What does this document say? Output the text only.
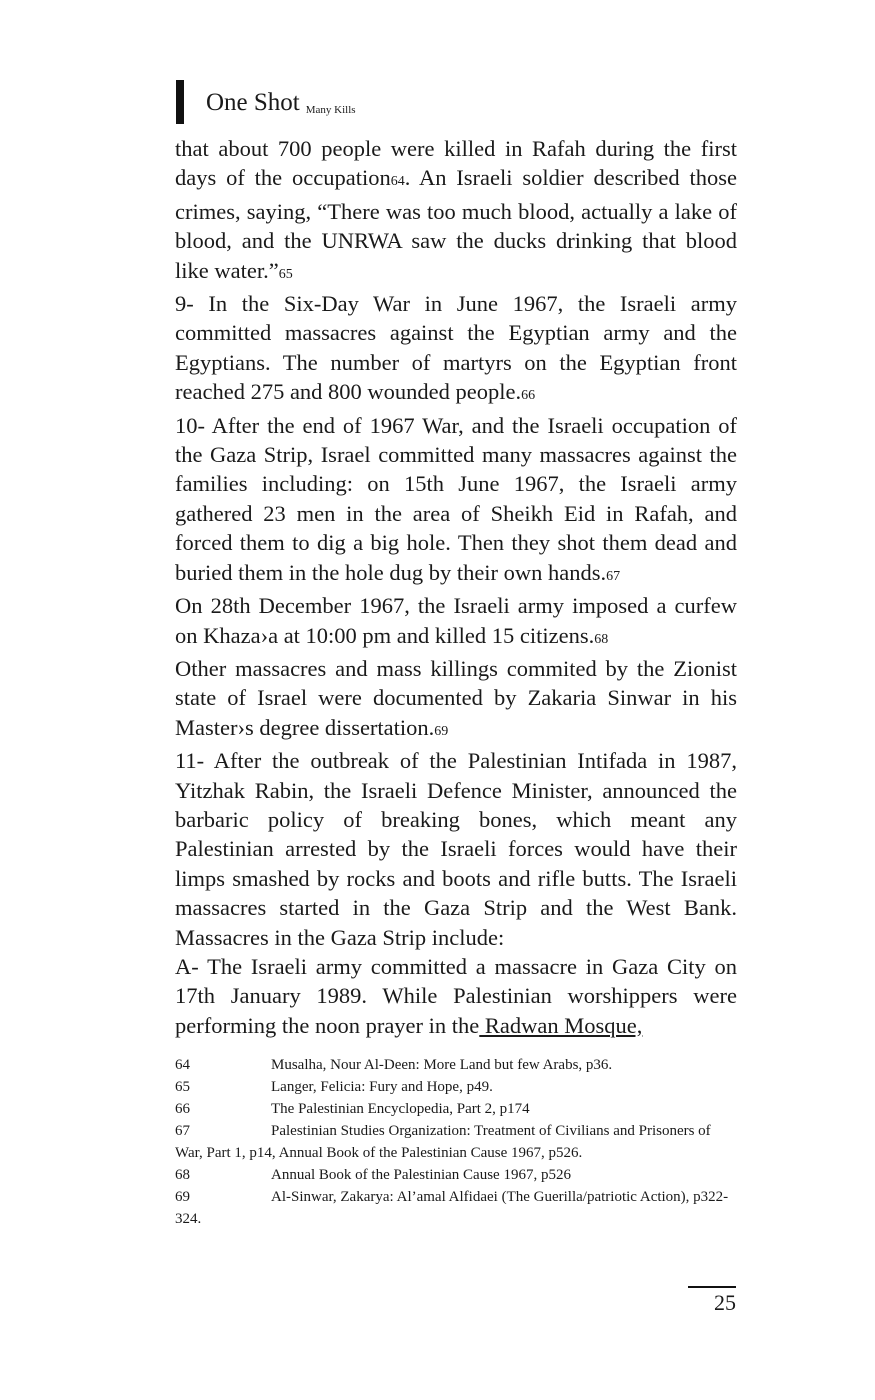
One Shot Many Kills

that about 700 people were killed in Rafah during the first days of the occupation64. An Israeli soldier described those crimes, saying, “There was too much blood, actually a lake of blood, and the UNRWA saw the ducks drinking that blood like water.”65

9- In the Six-Day War in June 1967, the Israeli army committed massacres against the Egyptian army and the Egyptians. The number of martyrs on the Egyptian front reached 275 and 800 wounded people.66

10- After the end of 1967 War, and the Israeli occupation of the Gaza Strip, Israel committed many massacres against the families including: on 15th June 1967, the Israeli army gathered 23 men in the area of Sheikh Eid in Rafah, and forced them to dig a big hole. Then they shot them dead and buried them in the hole dug by their own hands.67

On 28th December 1967, the Israeli army imposed a curfew on Khaza›a at 10:00 pm and killed 15 citizens.68

Other massacres and mass killings commited by the Zionist state of Israel were documented by Zakaria Sinwar in his Master›s degree dissertation.69

11- After the outbreak of the Palestinian Intifada in 1987, Yitzhak Rabin, the Israeli Defence Minister, announced the barbaric policy of breaking bones, which meant any Palestinian arrested by the Israeli forces would have their limps smashed by rocks and boots and rifle butts. The Israeli massacres started in the Gaza Strip and the West Bank. Massacres in the Gaza Strip include:

A- The Israeli army committed a massacre in Gaza City on 17th January 1989. While Palestinian worshippers were performing the noon prayer in the Radwan Mosque,

64	Musalha, Nour Al-Deen: More Land but few Arabs, p36.

65	Langer, Felicia: Fury and Hope, p49.

66	The Palestinian Encyclopedia, Part 2, p174

67	Palestinian Studies Organization: Treatment of Civilians and Prisoners of War, Part 1, p14, Annual Book of the Palestinian Cause 1967, p526.

68	Annual Book of the Palestinian Cause 1967, p526

69	Al-Sinwar, Zakarya: Al’amal Alfidaei (The Guerilla/patriotic Action), p322-324.

25
